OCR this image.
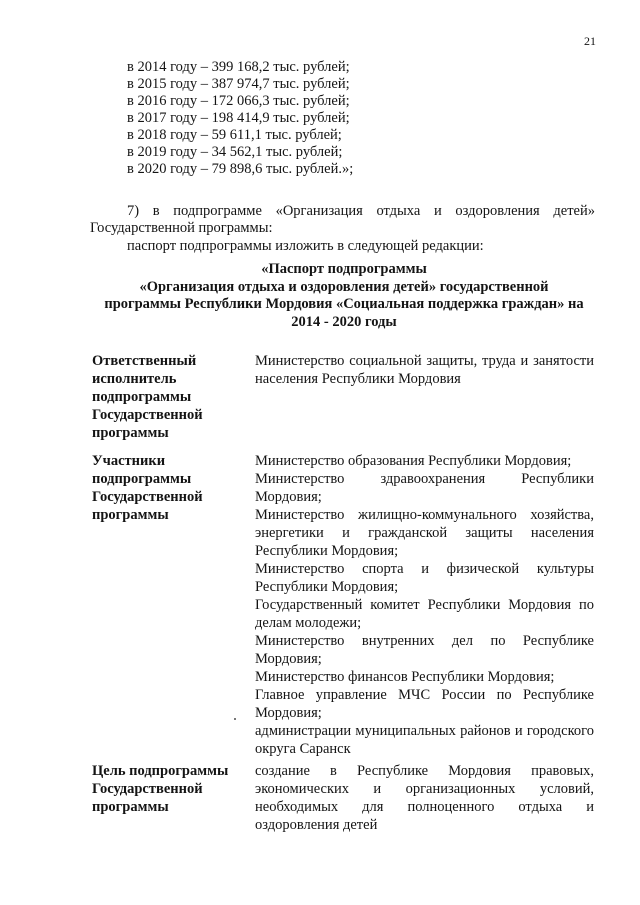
21
в 2014 году – 399 168,2 тыс. рублей;
в 2015 году – 387 974,7 тыс. рублей;
в 2016 году – 172 066,3 тыс. рублей;
в 2017 году – 198 414,9 тыс. рублей;
в 2018 году – 59 611,1 тыс. рублей;
в 2019 году – 34 562,1 тыс. рублей;
в 2020 году – 79 898,6 тыс. рублей.»;
7) в подпрограмме «Организация отдыха и оздоровления детей» Государственной программы:
паспорт подпрограммы изложить в следующей редакции:
«Паспорт подпрограммы
«Организация отдыха и оздоровления детей» государственной
программы Республики Мордовия «Социальная поддержка граждан» на
2014 - 2020 годы
Ответственный исполнитель подпрограммы Государственной программы
Министерство социальной защиты, труда и занятости населения Республики Мордовия
Участники подпрограммы Государственной программы

Министерство образования Республики Мордовия;

Министерство здравоохранения Республики Мордовия;

Министерство жилищно-коммунального хозяйства, энергетики и гражданской защиты населения Республики Мордовия;

Министерство спорта и физической культуры Республики Мордовия;

Государственный комитет Республики Мордовия по делам молодежи;

Министерство внутренних дел по Республике Мордовия;

Министерство финансов Республики Мордовия;

Главное управление МЧС России по Республике Мордовия;

администрации муниципальных районов и городского округа Саранск

Цель подпрограммы Государственной программы
создание в Республике Мордовия правовых, экономических и организационных условий, необходимых для полноценного отдыха и оздоровления детей
